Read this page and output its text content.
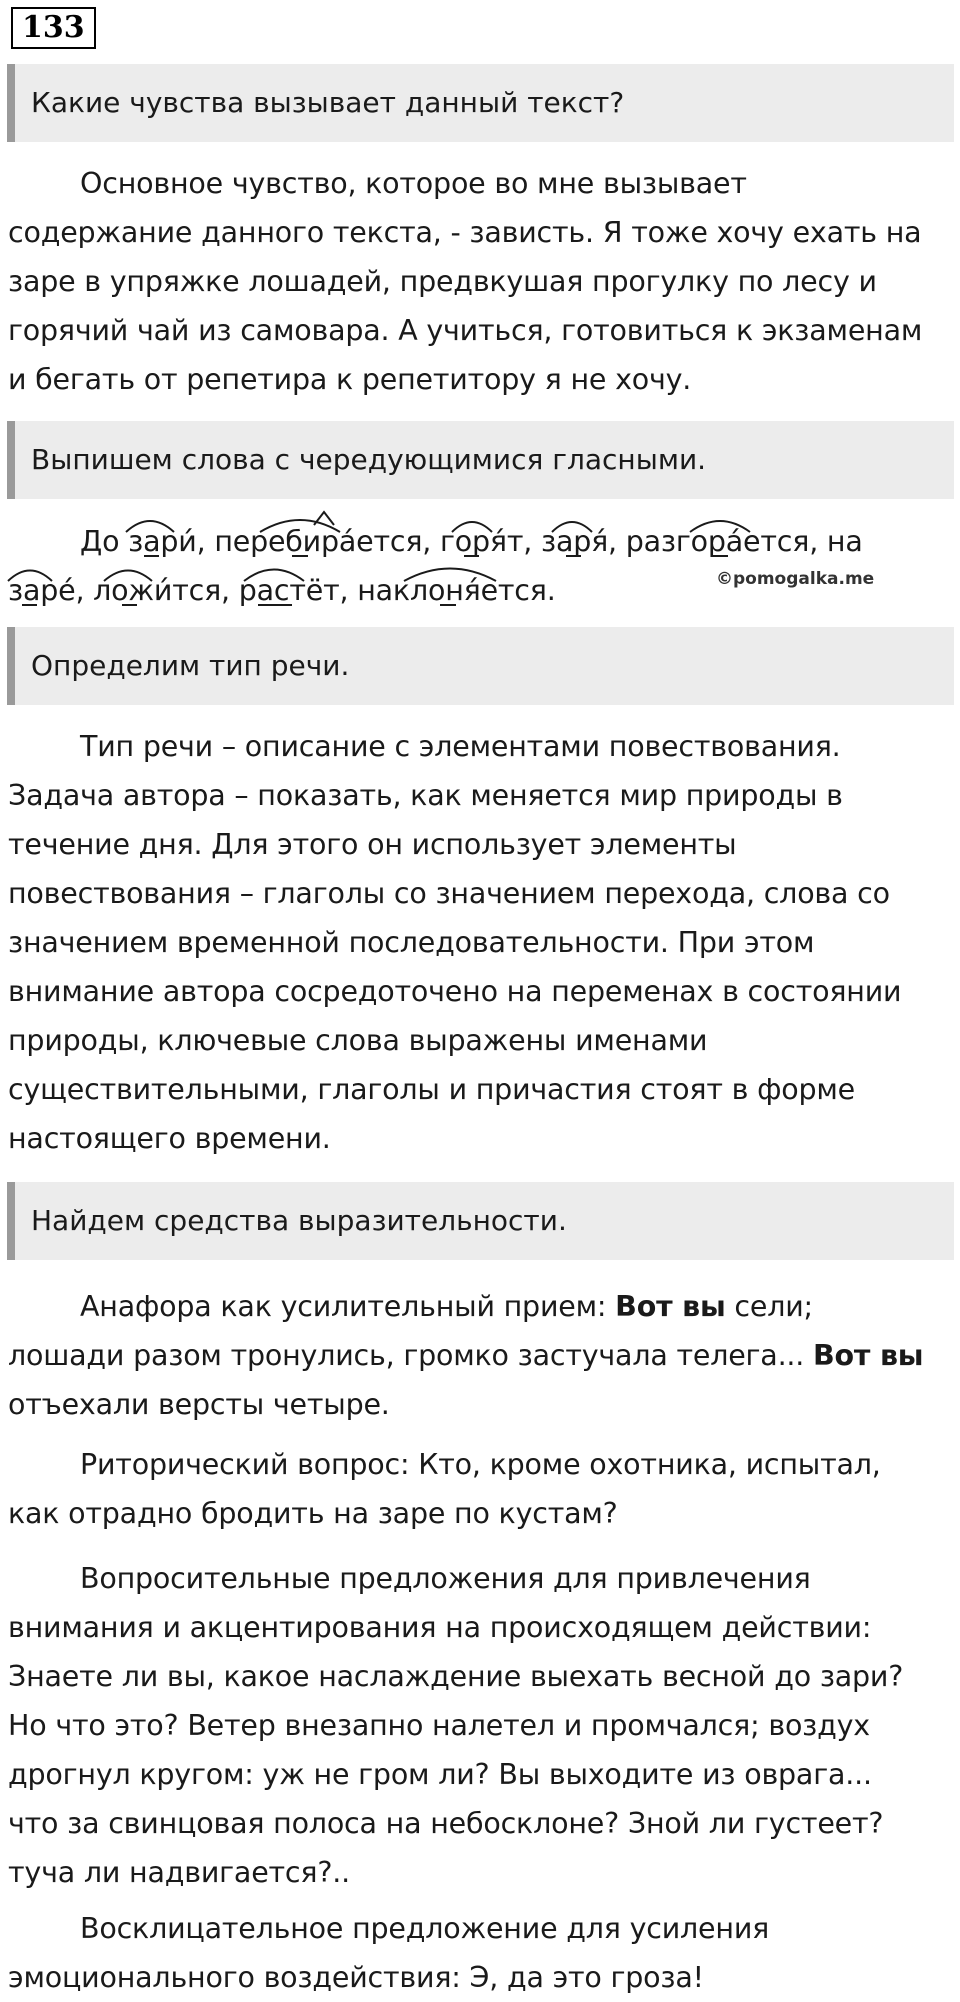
133
Какие чувства вызывает данный текст?
Основное чувство, которое во мне вызывает
содержание данного текста, - зависть. Я тоже хочу ехать на
заре в упряжке лошадей, предвкушая прогулку по лесу и
горячий чай из самовара. А учиться, готовиться к экзаменам
и бегать от репетира к репетитору я не хочу.
Выпишем слова с чередующимися гласными.
До зари́, перебира́ется, горя́т, заря́, разгора́ется, на
заре́, ложи́тся, растёт, наклоня́ется.	©pomogalka.me
Определим тип речи.
Тип речи – описание с элементами повествования.
Задача автора – показать, как меняется мир природы в
течение дня. Для этого он использует элементы
повествования – глаголы со значением перехода, слова со
значением временной последовательности. При этом
внимание автора сосредоточено на переменах в состоянии
природы, ключевые слова выражены именами
существительными, глаголы и причастия стоят в форме
настоящего времени.
Найдем средства выразительности.
Анафора как усилительный прием: Вот вы сели;
лошади разом тронулись, громко застучала телега... Вот вы
отъехали версты четыре.
Риторический вопрос: Кто, кроме охотника, испытал,
как отрадно бродить на заре по кустам?
Вопросительные предложения для привлечения
внимания и акцентирования на происходящем действии:
Знаете ли вы, какое наслаждение выехать весной до зари?
Но что это? Ветер внезапно налетел и промчался; воздух
дрогнул кругом: уж не гром ли? Вы выходите из оврага...
что за свинцовая полоса на небосклоне? Зной ли густеет?
туча ли надвигается?..
Восклицательное предложение для усиления
эмоционального воздействия: Э, да это гроза!
